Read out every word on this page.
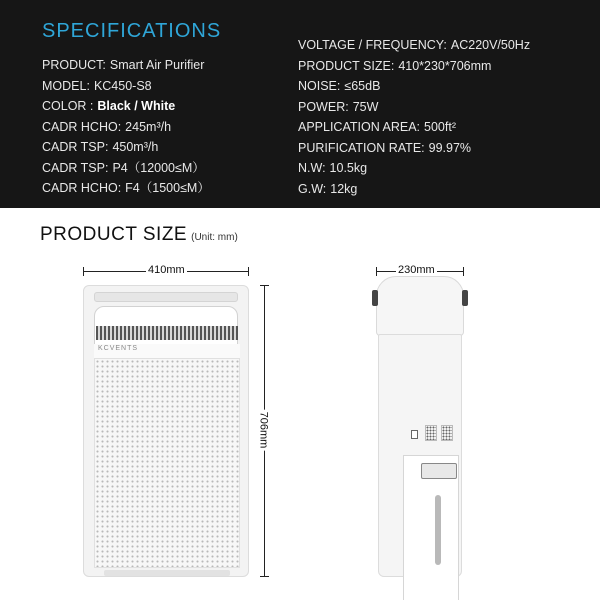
SPECIFICATIONS
PRODUCT: Smart Air Purifier
MODEL: KC450-S8
COLOR : Black / White
CADR HCHO: 245m³/h
CADR TSP: 450m³/h
CADR TSP: P4（12000≤M）
CADR HCHO: F4（1500≤M）
VOLTAGE / FREQUENCY: AC220V/50Hz
PRODUCT SIZE: 410*230*706mm
NOISE: ≤65dB
POWER: 75W
APPLICATION AREA: 500ft²
PURIFICATION RATE: 99.97%
N.W: 10.5kg
G.W: 12kg
PRODUCT SIZE (Unit: mm)
410mm
706mm
230mm
KCVENTS
